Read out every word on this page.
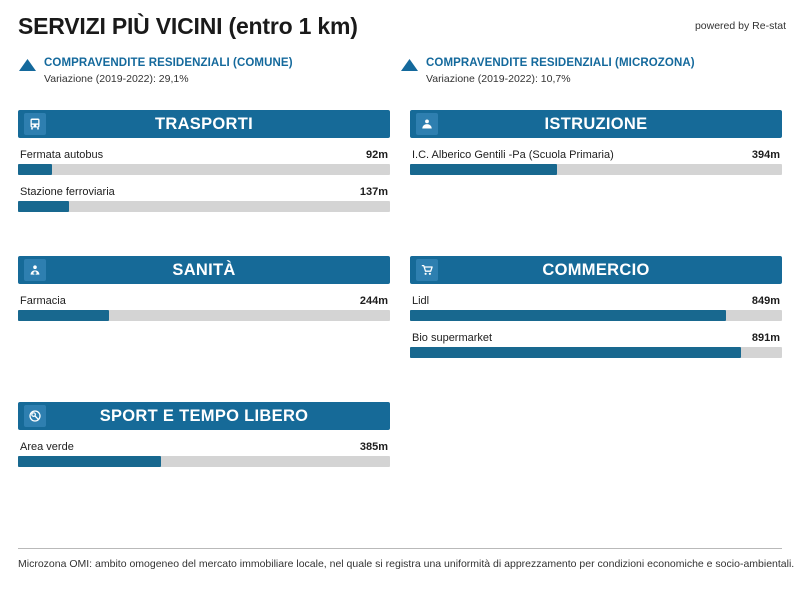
SERVIZI PIÙ VICINI (entro 1 km)	powered by Re-stat
COMPRAVENDITE RESIDENZIALI (COMUNE)
Variazione (2019-2022): 29,1%
COMPRAVENDITE RESIDENZIALI (MICROZONA)
Variazione (2019-2022): 10,7%
TRASPORTI
Fermata autobus	92m
Stazione ferroviaria	137m
ISTRUZIONE
I.C. Alberico Gentili -Pa (Scuola Primaria)	394m
SANITÀ
Farmacia	244m
COMMERCIO
Lidl	849m
Bio supermarket	891m
SPORT E TEMPO LIBERO
Area verde	385m
Microzona OMI: ambito omogeneo del mercato immobiliare locale, nel quale si registra una uniformità di apprezzamento per condizioni economiche e socio-ambientali.
